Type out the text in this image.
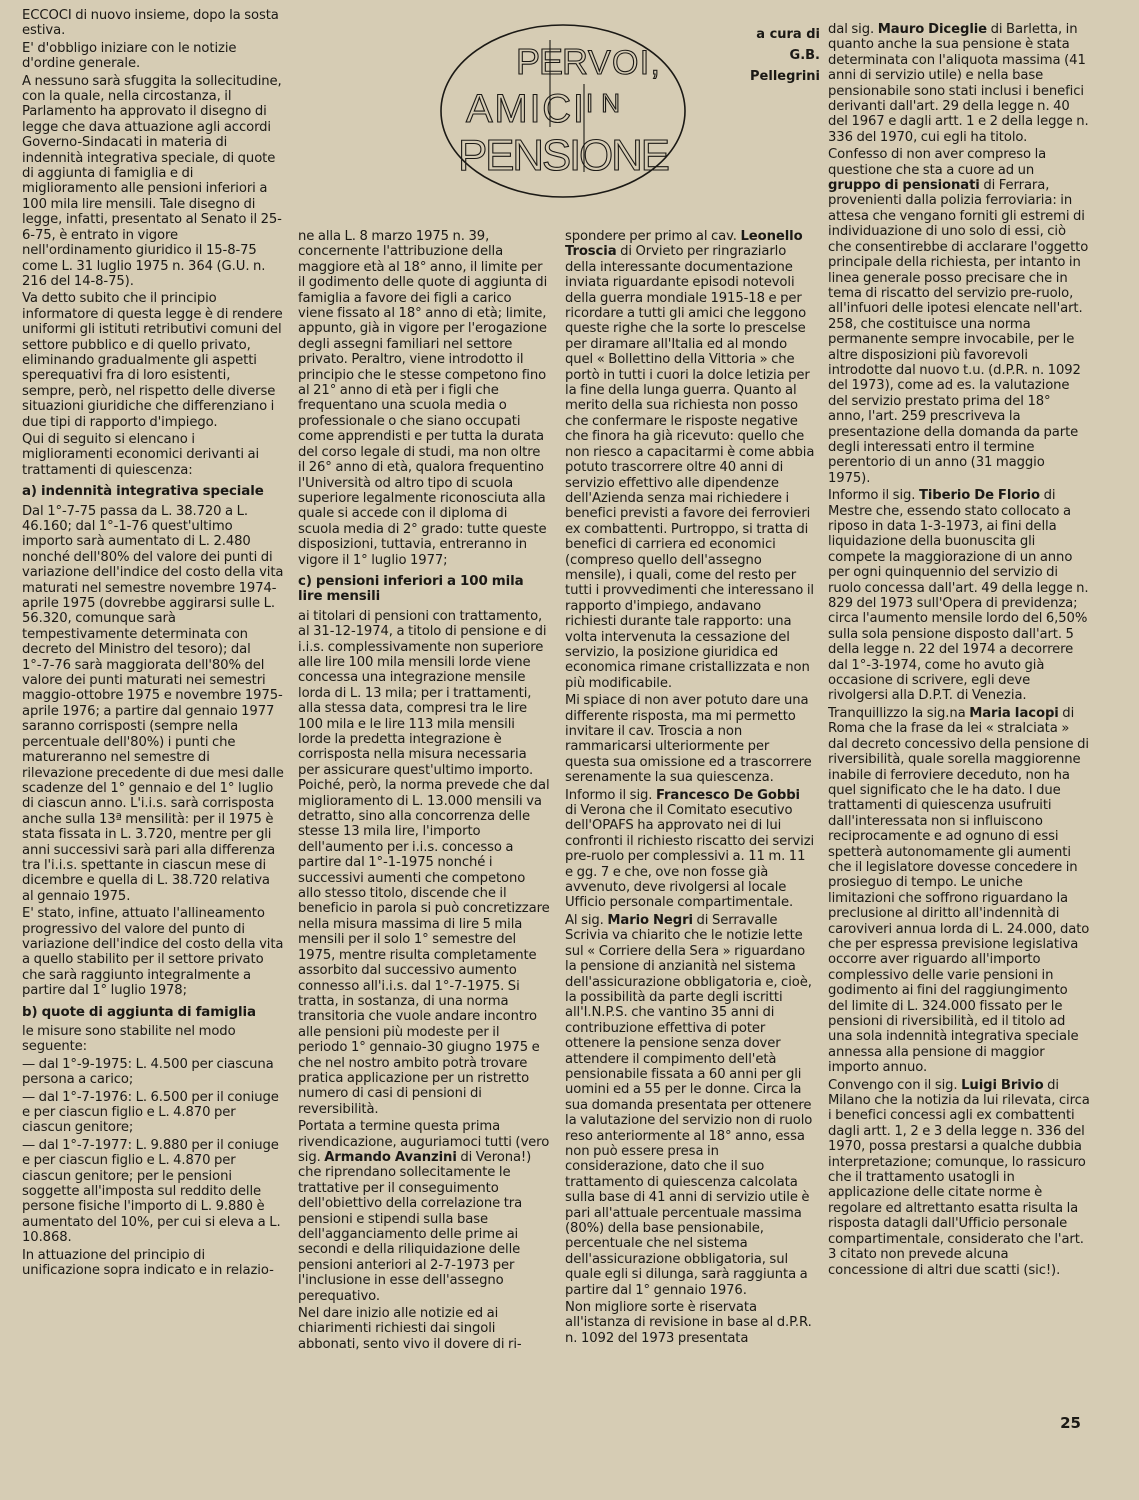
PER VOI,
AMICI IN
PENSIONE
a cura di
G.B. Pellegrini

ECCOCI di nuovo insieme, dopo la sosta estiva.

E' d'obbligo iniziare con le notizie d'ordine generale.

A nessuno sarà sfuggita la sollecitudine, con la quale, nella circostanza, il Parlamento ha approvato il disegno di legge che dava attuazione agli accordi Governo-Sindacati in materia di indennità integrativa speciale, di quote di aggiunta di famiglia e di miglioramento alle pensioni inferiori a 100 mila lire mensili. Tale disegno di legge, infatti, presentato al Senato il 25-6-75, è entrato in vigore nell'ordinamento giuridico il 15-8-75 come L. 31 luglio 1975 n. 364 (G.U. n. 216 del 14-8-75).

Va detto subito che il principio informatore di questa legge è di rendere uniformi gli istituti retributivi comuni del settore pubblico e di quello privato, eliminando gradualmente gli aspetti sperequativi fra di loro esistenti, sempre, però, nel rispetto delle diverse situazioni giuridiche che differenziano i due tipi di rapporto d'impiego.

Qui di seguito si elencano i miglioramenti economici derivanti ai trattamenti di quiescenza:

a) indennità integrativa speciale

Dal 1°-7-75 passa da L. 38.720 a L. 46.160; dal 1°-1-76 quest'ultimo importo sarà aumentato di L. 2.480 nonché dell'80% del valore dei punti di variazione dell'indice del costo della vita maturati nel semestre novembre 1974-aprile 1975 (dovrebbe aggirarsi sulle L. 56.320, comunque sarà tempestivamente determinata con decreto del Ministro del tesoro); dal 1°-7-76 sarà maggiorata dell'80% del valore dei punti maturati nei semestri maggio-ottobre 1975 e novembre 1975-aprile 1976; a partire dal gennaio 1977 saranno corrisposti (sempre nella percentuale dell'80%) i punti che matureranno nel semestre di rilevazione precedente di due mesi dalle scadenze del 1° gennaio e del 1° luglio di ciascun anno. L'i.i.s. sarà corrisposta anche sulla 13ª mensilità: per il 1975 è stata fissata in L. 3.720, mentre per gli anni successivi sarà pari alla differenza tra l'i.i.s. spettante in ciascun mese di dicembre e quella di L. 38.720 relativa al gennaio 1975.

E' stato, infine, attuato l'allineamento progressivo del valore del punto di variazione dell'indice del costo della vita a quello stabilito per il settore privato che sarà raggiunto integralmente a partire dal 1° luglio 1978;

b) quote di aggiunta di famiglia

le misure sono stabilite nel modo seguente:

— dal 1°-9-1975: L. 4.500 per ciascuna persona a carico;

— dal 1°-7-1976: L. 6.500 per il coniuge e per ciascun figlio e L. 4.870 per ciascun genitore;

— dal 1°-7-1977: L. 9.880 per il coniuge e per ciascun figlio e L. 4.870 per ciascun genitore; per le pensioni soggette all'imposta sul reddito delle persone fisiche l'importo di L. 9.880 è aumentato del 10%, per cui si eleva a L. 10.868.

In attuazione del principio di unificazione sopra indicato e in relazio-

ne alla L. 8 marzo 1975 n. 39, concernente l'attribuzione della maggiore età al 18° anno, il limite per il godimento delle quote di aggiunta di famiglia a favore dei figli a carico viene fissato al 18° anno di età; limite, appunto, già in vigore per l'erogazione degli assegni familiari nel settore privato. Peraltro, viene introdotto il principio che le stesse competono fino al 21° anno di età per i figli che frequentano una scuola media o professionale o che siano occupati come apprendisti e per tutta la durata del corso legale di studi, ma non oltre il 26° anno di età, qualora frequentino l'Università od altro tipo di scuola superiore legalmente riconosciuta alla quale si accede con il diploma di scuola media di 2° grado: tutte queste disposizioni, tuttavia, entreranno in vigore il 1° luglio 1977;

c) pensioni inferiori a 100 mila lire mensili

ai titolari di pensioni con trattamento, al 31-12-1974, a titolo di pensione e di i.i.s. complessivamente non superiore alle lire 100 mila mensili lorde viene concessa una integrazione mensile lorda di L. 13 mila; per i trattamenti, alla stessa data, compresi tra le lire 100 mila e le lire 113 mila mensili lorde la predetta integrazione è corrisposta nella misura necessaria per assicurare quest'ultimo importo. Poiché, però, la norma prevede che dal miglioramento di L. 13.000 mensili va detratto, sino alla concorrenza delle stesse 13 mila lire, l'importo dell'aumento per i.i.s. concesso a partire dal 1°-1-1975 nonché i successivi aumenti che competono allo stesso titolo, discende che il beneficio in parola si può concretizzare nella misura massima di lire 5 mila mensili per il solo 1° semestre del 1975, mentre risulta completamente assorbito dal successivo aumento connesso all'i.i.s. dal 1°-7-1975. Si tratta, in sostanza, di una norma transitoria che vuole andare incontro alle pensioni più modeste per il periodo 1° gennaio-30 giugno 1975 e che nel nostro ambito potrà trovare pratica applicazione per un ristretto numero di casi di pensioni di reversibilità.

Portata a termine questa prima rivendicazione, auguriamoci tutti (vero sig. Armando Avanzini di Verona!) che riprendano sollecitamente le trattative per il conseguimento dell'obiettivo della correlazione tra pensioni e stipendi sulla base dell'agganciamento delle prime ai secondi e della riliquidazione delle pensioni anteriori al 2-7-1973 per l'inclusione in esse dell'assegno perequativo.

Nel dare inizio alle notizie ed ai chiarimenti richiesti dai singoli abbonati, sento vivo il dovere di ri-

spondere per primo al cav. Leonello Troscia di Orvieto per ringraziarlo della interessante documentazione inviata riguardante episodi notevoli della guerra mondiale 1915-18 e per ricordare a tutti gli amici che leggono queste righe che la sorte lo prescelse per diramare all'Italia ed al mondo quel « Bollettino della Vittoria » che portò in tutti i cuori la dolce letizia per la fine della lunga guerra. Quanto al merito della sua richiesta non posso che confermare le risposte negative che finora ha già ricevuto: quello che non riesco a capacitarmi è come abbia potuto trascorrere oltre 40 anni di servizio effettivo alle dipendenze dell'Azienda senza mai richiedere i benefici previsti a favore dei ferrovieri ex combattenti. Purtroppo, si tratta di benefici di carriera ed economici (compreso quello dell'assegno mensile), i quali, come del resto per tutti i provvedimenti che interessano il rapporto d'impiego, andavano richiesti durante tale rapporto: una volta intervenuta la cessazione del servizio, la posizione giuridica ed economica rimane cristallizzata e non più modificabile.

Mi spiace di non aver potuto dare una differente risposta, ma mi permetto invitare il cav. Troscia a non rammaricarsi ulteriormente per questa sua omissione ed a trascorrere serenamente la sua quiescenza.

Informo il sig. Francesco De Gobbi di Verona che il Comitato esecutivo dell'OPAFS ha approvato nei di lui confronti il richiesto riscatto dei servizi pre-ruolo per complessivi a. 11 m. 11 e gg. 7 e che, ove non fosse già avvenuto, deve rivolgersi al locale Ufficio personale compartimentale.

Al sig. Mario Negri di Serravalle Scrivia va chiarito che le notizie lette sul « Corriere della Sera » riguardano la pensione di anzianità nel sistema dell'assicurazione obbligatoria e, cioè, la possibilità da parte degli iscritti all'I.N.P.S. che vantino 35 anni di contribuzione effettiva di poter ottenere la pensione senza dover attendere il compimento dell'età pensionabile fissata a 60 anni per gli uomini ed a 55 per le donne. Circa la sua domanda presentata per ottenere la valutazione del servizio non di ruolo reso anteriormente al 18° anno, essa non può essere presa in considerazione, dato che il suo trattamento di quiescenza calcolata sulla base di 41 anni di servizio utile è pari all'attuale percentuale massima (80%) della base pensionabile, percentuale che nel sistema dell'assicurazione obbligatoria, sul quale egli si dilunga, sarà raggiunta a partire dal 1° gennaio 1976.

Non migliore sorte è riservata all'istanza di revisione in base al d.P.R. n. 1092 del 1973 presentata

dal sig. Mauro Diceglie di Barletta, in quanto anche la sua pensione è stata determinata con l'aliquota massima (41 anni di servizio utile) e nella base pensionabile sono stati inclusi i benefici derivanti dall'art. 29 della legge n. 40 del 1967 e dagli artt. 1 e 2 della legge n. 336 del 1970, cui egli ha titolo.

Confesso di non aver compreso la questione che sta a cuore ad un gruppo di pensionati di Ferrara, provenienti dalla polizia ferroviaria: in attesa che vengano forniti gli estremi di individuazione di uno solo di essi, ciò che consentirebbe di acclarare l'oggetto principale della richiesta, per intanto in linea generale posso precisare che in tema di riscatto del servizio pre-ruolo, all'infuori delle ipotesi elencate nell'art. 258, che costituisce una norma permanente sempre invocabile, per le altre disposizioni più favorevoli introdotte dal nuovo t.u. (d.P.R. n. 1092 del 1973), come ad es. la valutazione del servizio prestato prima del 18° anno, l'art. 259 prescriveva la presentazione della domanda da parte degli interessati entro il termine perentorio di un anno (31 maggio 1975).

Informo il sig. Tiberio De Florio di Mestre che, essendo stato collocato a riposo in data 1-3-1973, ai fini della liquidazione della buonuscita gli compete la maggiorazione di un anno per ogni quinquennio del servizio di ruolo concessa dall'art. 49 della legge n. 829 del 1973 sull'Opera di previdenza; circa l'aumento mensile lordo del 6,50% sulla sola pensione disposto dall'art. 5 della legge n. 22 del 1974 a decorrere dal 1°-3-1974, come ho avuto già occasione di scrivere, egli deve rivolgersi alla D.P.T. di Venezia.

Tranquillizzo la sig.na Maria Iacopi di Roma che la frase da lei « stralciata » dal decreto concessivo della pensione di riversibilità, quale sorella maggiorenne inabile di ferroviere deceduto, non ha quel significato che le ha dato. I due trattamenti di quiescenza usufruiti dall'interessata non si influiscono reciprocamente e ad ognuno di essi spetterà autonomamente gli aumenti che il legislatore dovesse concedere in prosieguo di tempo. Le uniche limitazioni che soffrono riguardano la preclusione al diritto all'indennità di caroviveri annua lorda di L. 24.000, dato che per espressa previsione legislativa occorre aver riguardo all'importo complessivo delle varie pensioni in godimento ai fini del raggiungimento del limite di L. 324.000 fissato per le pensioni di riversibilità, ed il titolo ad una sola indennità integrativa speciale annessa alla pensione di maggior importo annuo.

Convengo con il sig. Luigi Brivio di Milano che la notizia da lui rilevata, circa i benefici concessi agli ex combattenti dagli artt. 1, 2 e 3 della legge n. 336 del 1970, possa prestarsi a qualche dubbia interpretazione; comunque, lo rassicuro che il trattamento usatogli in applicazione delle citate norme è regolare ed altrettanto esatta risulta la risposta datagli dall'Ufficio personale compartimentale, considerato che l'art. 3 citato non prevede alcuna concessione di altri due scatti (sic!).

25
